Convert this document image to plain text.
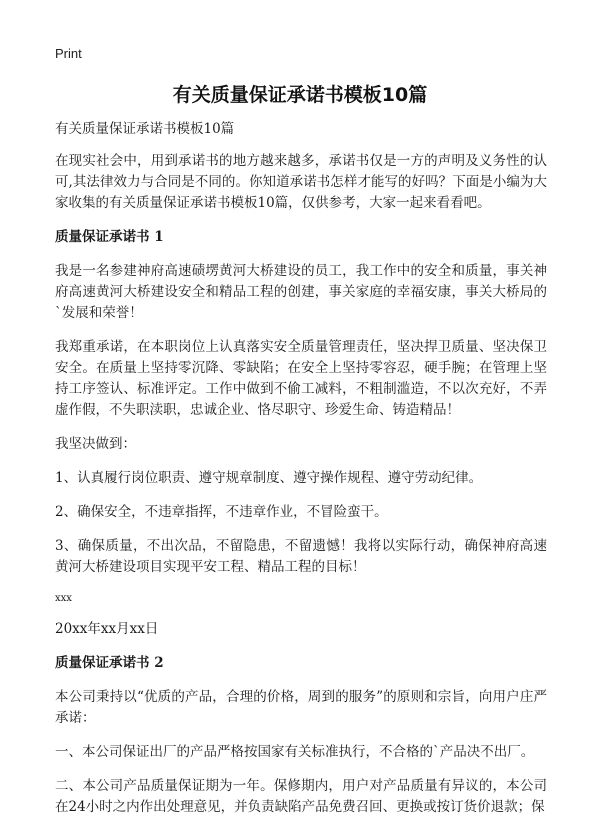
Print
有关质量保证承诺书模板10篇

有关质量保证承诺书模板10篇

在现实社会中，用到承诺书的地方越来越多，承诺书仅是一方的声明及义务性的认可,其法律效力与合同是不同的。你知道承诺书怎样才能写的好吗？下面是小编为大家收集的有关质量保证承诺书模板10篇，仅供参考，大家一起来看看吧。

质量保证承诺书 1

我是一名参建神府高速碛塄黄河大桥建设的员工，我工作中的安全和质量，事关神府高速黄河大桥建设安全和精品工程的创建，事关家庭的幸福安康，事关大桥局的`发展和荣誉！

我郑重承诺，在本职岗位上认真落实安全质量管理责任，坚决捍卫质量、坚决保卫安全。在质量上坚持零沉降、零缺陷；在安全上坚持零容忍，硬手腕；在管理上坚持工序签认、标准评定。工作中做到不偷工减料，不粗制滥造，不以次充好，不弄虚作假，不失职渎职，忠诚企业、恪尽职守、珍爱生命、铸造精品！

我坚决做到：

1、认真履行岗位职责、遵守规章制度、遵守操作规程、遵守劳动纪律。

2、确保安全，不违章指挥，不违章作业，不冒险蛮干。

3、确保质量，不出次品，不留隐患，不留遗憾！我将以实际行动，确保神府高速黄河大桥建设项目实现平安工程、精品工程的目标！

xxx

20xx年xx月xx日

质量保证承诺书 2

本公司秉持以“优质的产品，合理的价格，周到的服务”的原则和宗旨，向用户庄严承诺：

一、本公司保证出厂的产品严格按国家有关标准执行，不合格的`产品决不出厂。

二、本公司产品质量保证期为一年。保修期内，用户对产品质量有异议的，本公司在24小时之内作出处理意见，并负责缺陷产品免费召回、更换或按订货价退款；保
